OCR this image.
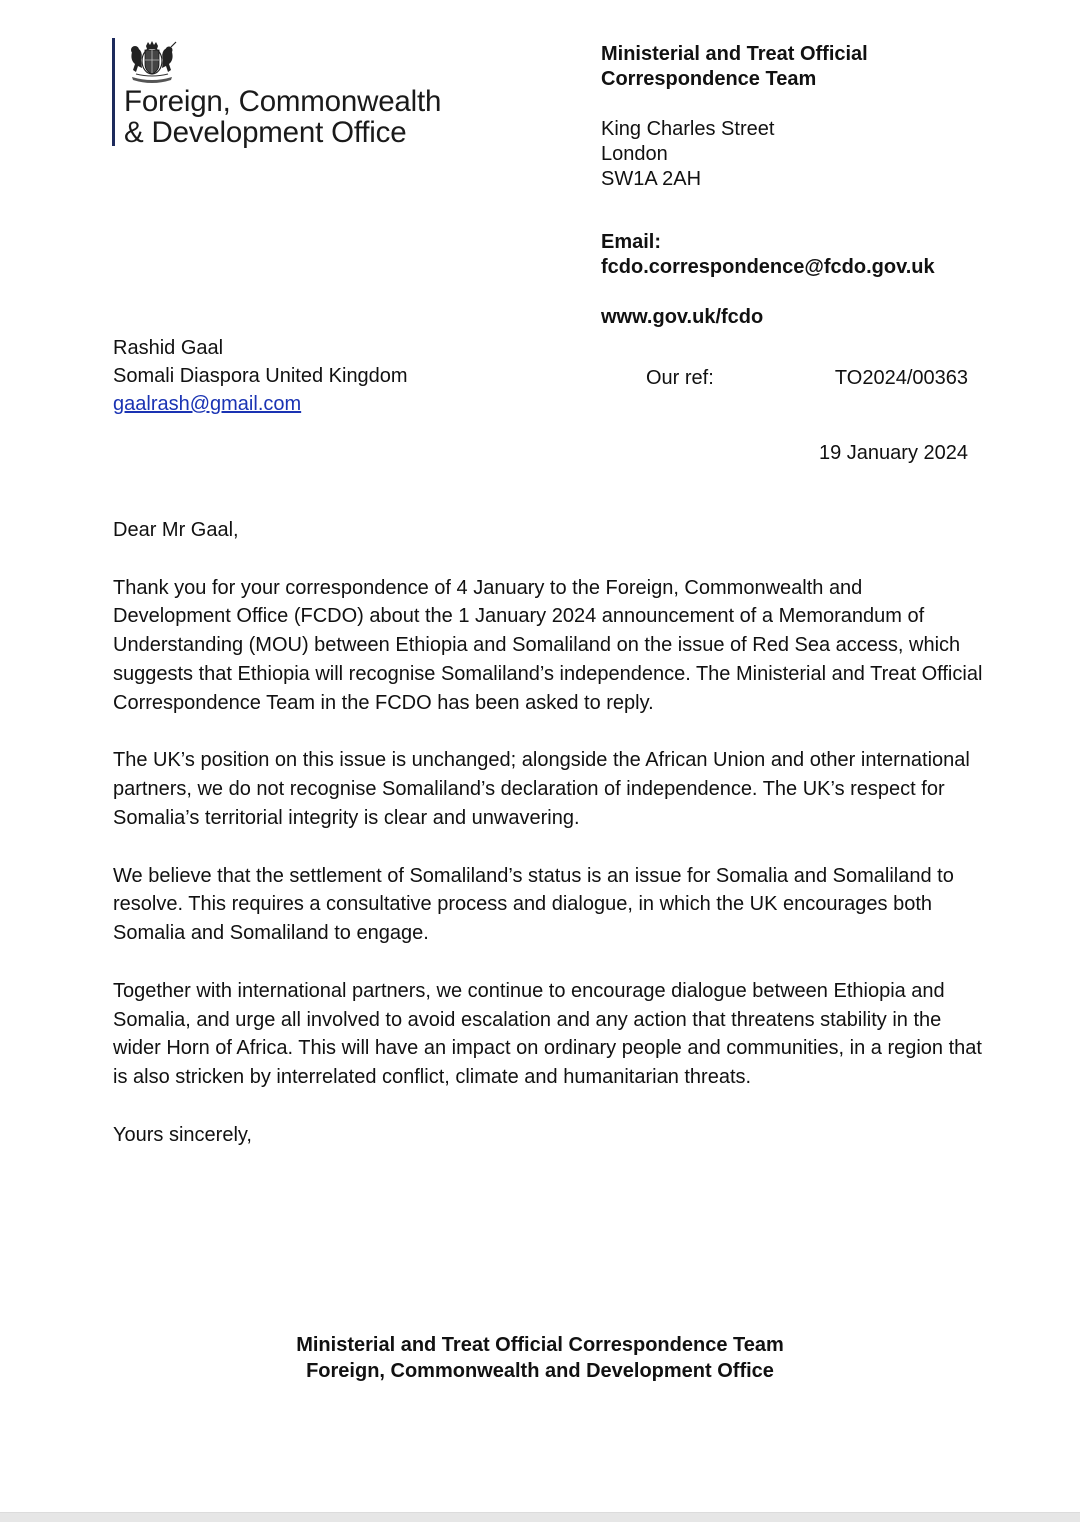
Foreign, Commonwealth
& Development Office
Ministerial and Treat Official
Correspondence Team
King Charles Street
London
SW1A 2AH
Email:
fcdo.correspondence@fcdo.gov.uk
www.gov.uk/fcdo
Rashid Gaal
Somali Diaspora United Kingdom
gaalrash@gmail.com
Our ref:	TO2024/00363
19 January 2024

Dear Mr Gaal,

Thank you for your correspondence of 4 January to the Foreign, Commonwealth and Development Office (FCDO) about the 1 January 2024 announcement of a Memorandum of Understanding (MOU) between Ethiopia and Somaliland on the issue of Red Sea access, which suggests that Ethiopia will recognise Somaliland’s independence. The Ministerial and Treat Official Correspondence Team in the FCDO has been asked to reply.

The UK’s position on this issue is unchanged; alongside the African Union and other international partners, we do not recognise Somaliland’s declaration of independence. The UK’s respect for Somalia’s territorial integrity is clear and unwavering.

We believe that the settlement of Somaliland’s status is an issue for Somalia and Somaliland to resolve. This requires a consultative process and dialogue, in which the UK encourages both Somalia and Somaliland to engage.

Together with international partners, we continue to encourage dialogue between Ethiopia and Somalia, and urge all involved to avoid escalation and any action that threatens stability in the wider Horn of Africa. This will have an impact on ordinary people and communities, in a region that is also stricken by interrelated conflict, climate and humanitarian threats.

Yours sincerely,

Ministerial and Treat Official Correspondence Team
Foreign, Commonwealth and Development Office
